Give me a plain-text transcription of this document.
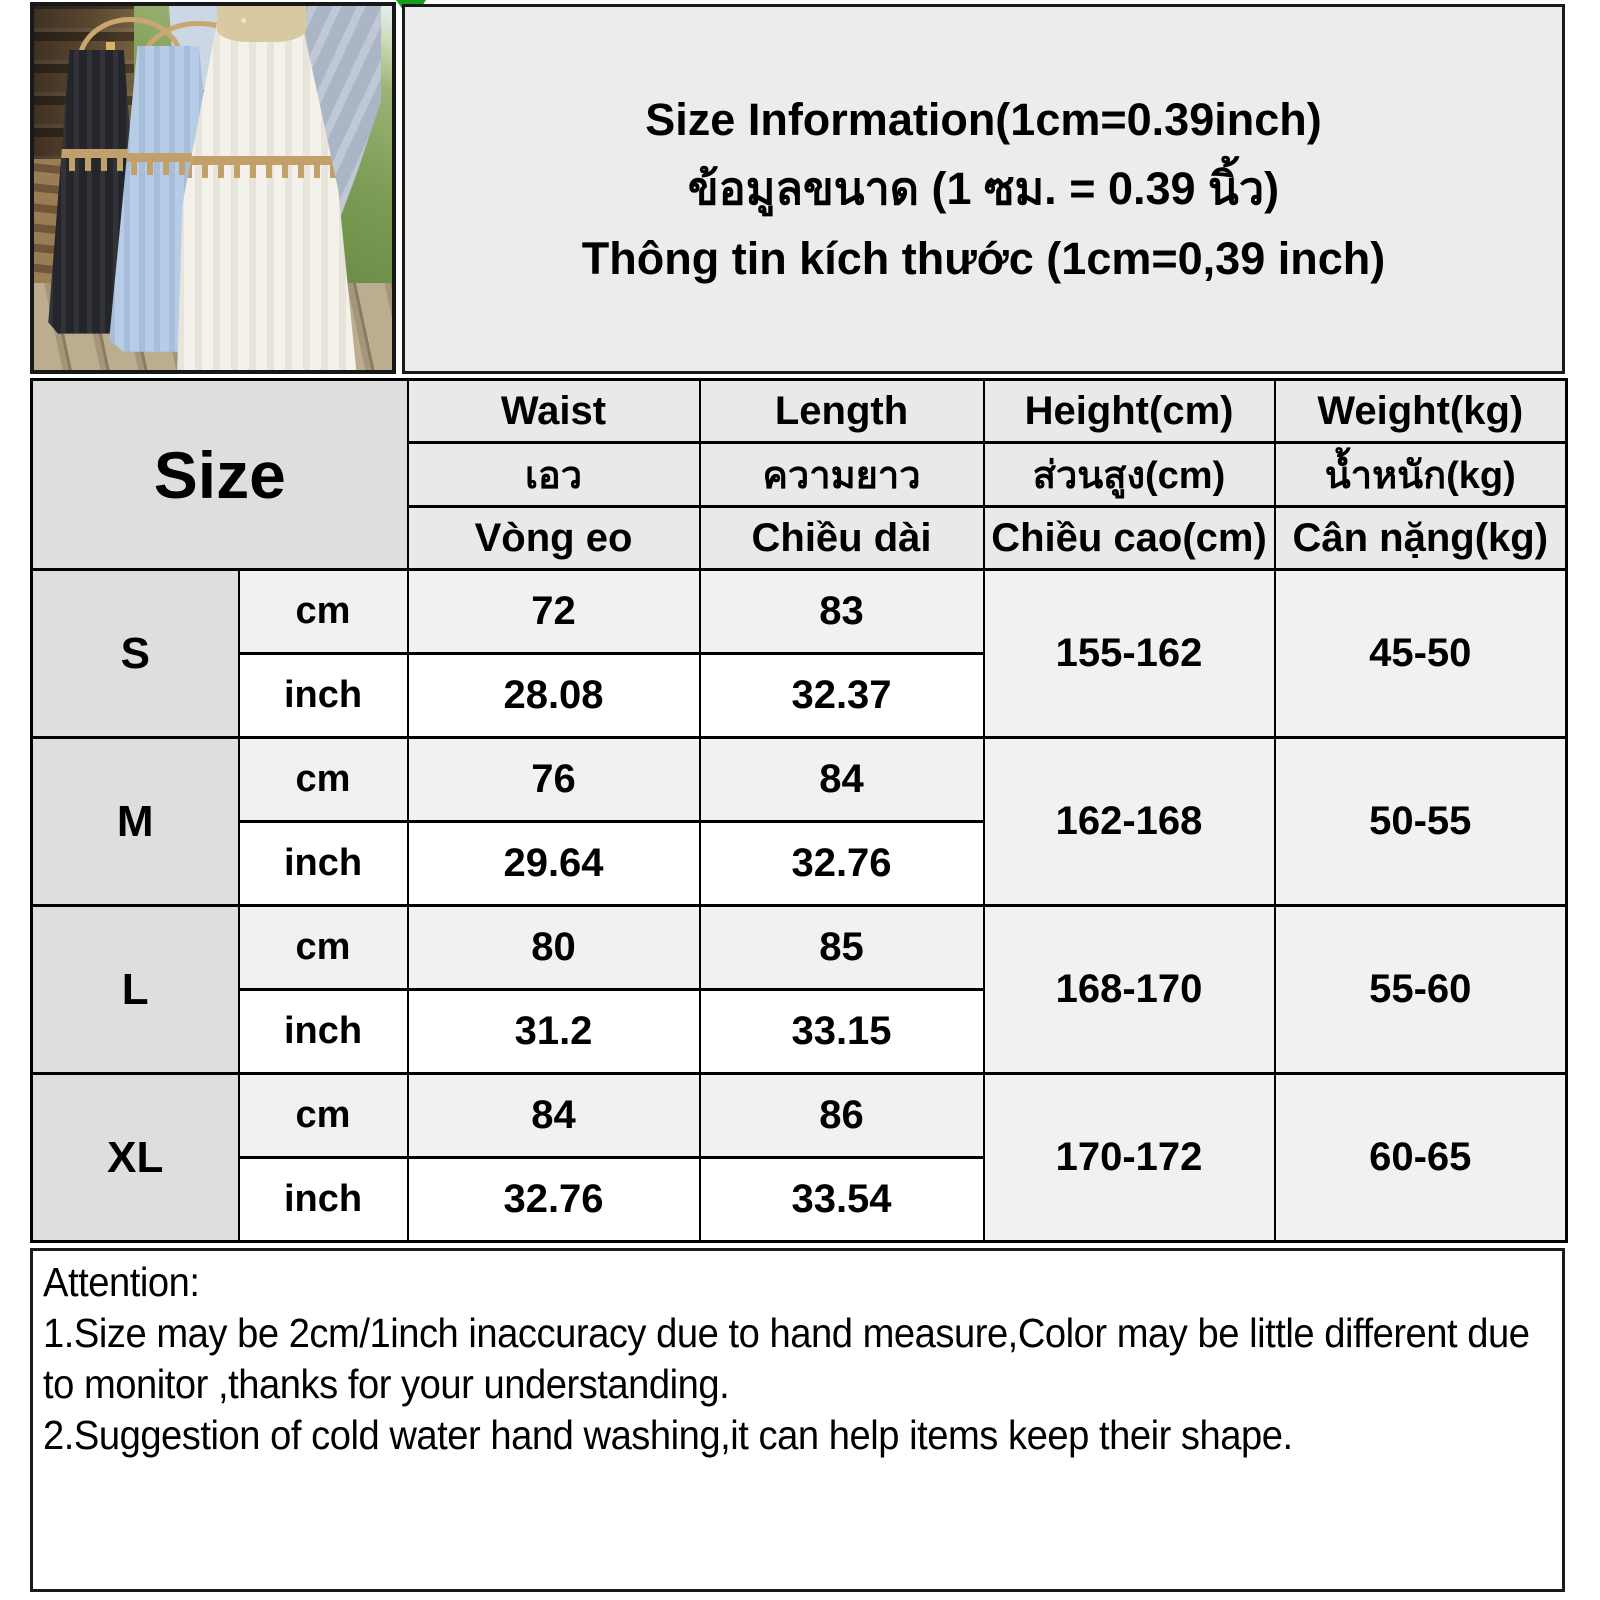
Size Information(1cm=0.39inch)
ข้อมูลขนาด (1 ซม. = 0.39 นิ้ว)
Thông tin kích thước (1cm=0,39 inch)
Size		Waist	Length	Height(cm)	Weight(kg)
		เอว	ความยาว	ส่วนสูง(cm)	น้ำหนัก(kg)
		Vòng eo	Chiều dài	Chiều cao(cm)	Cân nặng(kg)
S	cm	72	83	155-162	45-50
	inch	28.08	32.37		
M	cm	76	84	162-168	50-55
	inch	29.64	32.76		
L	cm	80	85	168-170	55-60
	inch	31.2	33.15		
XL	cm	84	86	170-172	60-65
	inch	32.76	33.54		

Attention:

1.Size may be 2cm/1inch inaccuracy due to hand measure,Color may be little different due to monitor ,thanks for your understanding.

2.Suggestion of cold water hand washing,it can help items keep their shape.
